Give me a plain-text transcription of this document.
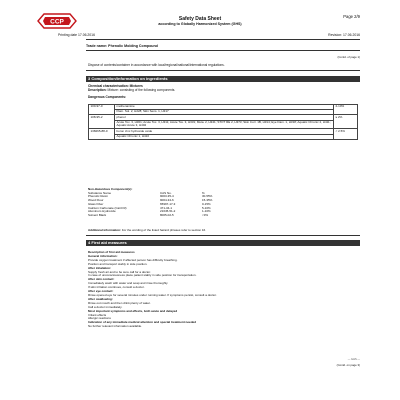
CCP	Safety Data Sheet
according to Globally Harmonized System (GHS)
Page 2/9
Printing date 17.06.2016	Revision: 17.06.2016
Trade name: Phenolic Molding Compound
(Contd. of page 1)
Dispose of contents/container in accordance with local/regional/national/international regulations.
3 Composition/information on ingredients
Chemical characterisation: Mixtures
Description: Mixture: consisting of the following components.
Dangerous Components:
100-97-0	methenamine	2-10%
	Flam. Sol. 2, H228; Skin Sens. 1, H317	
108-95-2	phenol	≤ 2%
	Acute Tox. 3, H301; Acute Tox. 3, H311; Acute Tox. 3, H331; Muta. 2, H341; STOT RE 2, H373; Skin Corr. 1B, H314; Eye Dam. 1, H318; Aquatic Chronic 2, H411; Aquatic Acute 3, H402	
138265-88-0	boron zinc hydroxide oxide	< 2.5%
	Aquatic Chronic 1, H410	
Non-Hazardous Component(s):
Substance Name	CAS No.	%
Phenolic Resin	9003-35-4	30-55%
Wood Flour	9004-34-6	15-35%
Glass Fiber	65997-17-3	0-15%
Calcium Carbonate (CaCO3)	471-34-1	5-10%
Aluminum Hydroxide	21645-51-2	1-10%
Solvent Black	8005-02-5	<3%
Additional information: For the wording of the listed hazard phrases refer to section 16.
4 First aid measures
Description of first aid measures
General information:
Provide oxygen treatment if affected person has difficulty breathing.
Position and transport stably in side position.
After inhalation:
Supply fresh air and to be sure call for a doctor.
In case of unconsciousness place patient stably in side position for transportation.
After skin contact:
Immediately wash with water and soap and rinse thoroughly.
If skin irritation continues, consult a doctor.
After eye contact:
Rinse opened eye for several minutes under running water. If symptoms persist, consult a doctor.
After swallowing:
Rinse out mouth and then drink plenty of water.
Call a doctor immediately.
Most important symptoms and effects, both acute and delayed
Irritant effects
Allergic reactions
Indication of any immediate medical attention and special treatment needed
No further relevant information available.
— GHS —
(Contd. on page 3)
